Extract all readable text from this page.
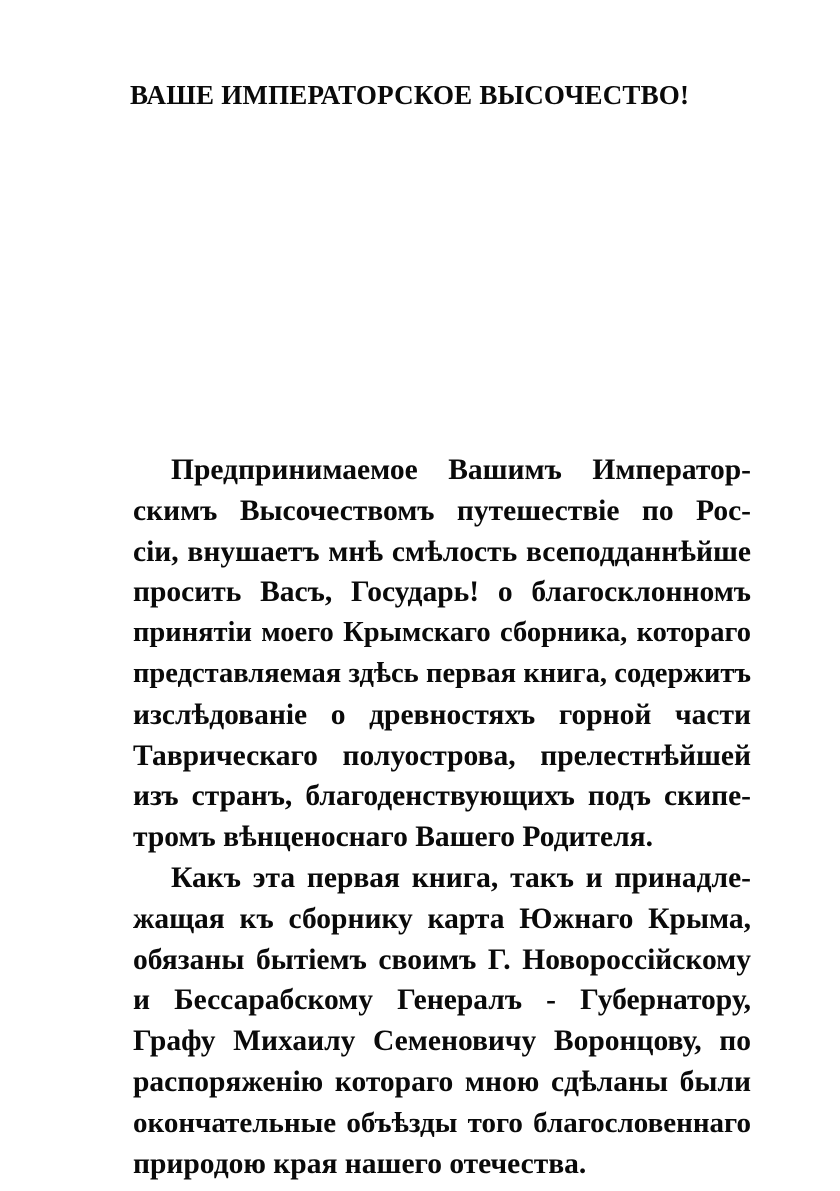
ВАШЕ ИМПЕРАТОРСКОЕ ВЫСОЧЕСТВО!
Предпринимаемое Вашимъ Император-
скимъ Высочествомъ путешествiе по Рос-
сiи, внушаетъ мнѣ смѣлость всеподданнѣйше
просить Васъ, Государь! о благосклонномъ
принятiи моего Крымскаго сборника, котораго
представляемая здѣсь первая книга, содержитъ
изслѣдованiе о древностяхъ горной части
Таврическаго полуострова, прелестнѣйшей
изъ странъ, благоденствующихъ подъ скипе-
тромъ вѣнценоснаго Вашего Родителя.
Какъ эта первая книга, такъ и принадле-
жащая къ сборнику карта Южнаго Крыма,
обязаны бытiемъ своимъ Г. Новороссiйскому
и Бессарабскому Генералъ - Губернатору,
Графу Михаилу Семеновичу Воронцову, по
распоряженiю котораго мною сдѣланы были
окончательные объѣзды того благословеннаго
природою края нашего отечества.
